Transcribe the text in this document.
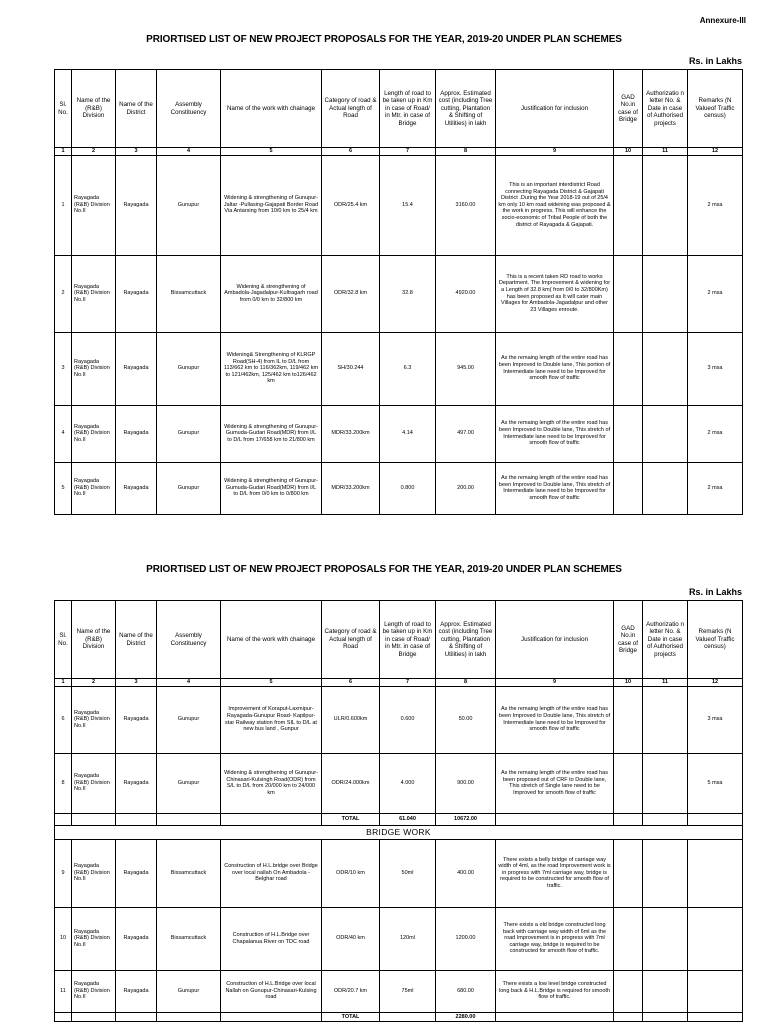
Annexure-III
PRIORTISED LIST OF NEW PROJECT PROPOSALS FOR THE YEAR, 2019-20 UNDER PLAN SCHEMES
Rs. in Lakhs
Sl. No.	Name of the (R&B) Division	Name of the District	Assembly Constituency	Name of the work with chainage	Category of road & Actual length of Road	Length of road to be taken up in Km in case of Road/ in Mtr. in case of Bridge	Approx. Estimated cost (including Tree cutting, Plantation & Shifting of Utilities) in lakh	Justification for inclusion	GAD No.in case of Bridge	Authorizatio n letter No. & Date in case of Authorised projects	Remarks (N Valueof Traffic census)
1	2	3	4	5	6	7	8	9	10	11	12
1	Rayagada (R&B) Division No.II	Rayagada	Gunupur	Widening & strengthening of Gunupur-Jaltar -Pullasing-Gajapati Border Road Via Antarsing from 10/0 km to 25/4 km	ODR/25.4 km	15.4	3160.00	This is an important interdistrict Road connecting Rayagada District & Gajapati District .During the Year 2018-19 out of 25/4 km only 10 km road widening was proposed & the work in progress. This will enhance the socio-economic of Tribal People of both the district of Rayagada & Gajapati.			2 msa
2	Rayagada (R&B) Division No.II	Rayagada	Bissamcuttack	Widening & strengthening of Ambadola-Jagadalpur-Kultragarh road from 0/0 km to 32/800 km	ODR/32.8 km	32.8	4920.00	This is a recent taken RD road to works Department. The Improvement & widening for a Length of 32.8 km( from 0/0 to 32/800Km) has been proposed as It will cater main Villages for Ambadola-Jagadalpur and other 23 Villages enroute.			2 msa
3	Rayagada (R&B) Division No.II	Rayagada	Gunupur	Widening& Strengthening of KLRGP Road(SH-4) from IL to D/L from 113/662 km to 116/362km, 119/462 km to 121/462km, 125/462 km to126/462 km	SH/30.244	6.3	945.00	As the remaing length of the entire road has been Improved to Double lane, This portion of Intermediate lane need to be Improved for smooth flow of traffic			3 msa
4	Rayagada (R&B) Division No.II	Rayagada	Gunupur	Widening & strengthening of Gunupur-Gumuda-Gudari Road(MDR) from I/L to D/L from 17/658 km to 21/800 km	MDR/33.200km	4.14	497.00	As the remaing length of the entire road has been Improved to Double lane, This stretch of Intermediate lane need to be Improved for smooth flow of traffic			2 msa
5	Rayagada (R&B) Division No.II	Rayagada	Gunupur	Widening & strengthening of Gunupur-Gumuda-Gudari Road(MDR) from I/L to D/L from 0/0 km to 0/800 km	MDR/33.200km	0.800	200.00	As the remaing length of the entire road has been Improved to Double lane, This stretch of Intermediate lane need to be Improved for smooth flow of traffic			2 msa
PRIORTISED LIST OF NEW PROJECT PROPOSALS FOR THE YEAR, 2019-20 UNDER PLAN SCHEMES
Rs. in Lakhs
Sl. No.	Name of the (R&B) Division	Name of the District	Assembly Constituency	Name of the work with chainage	Category of road & Actual length of Road	Length of road to be taken up in Km in case of Road/ in Mtr. in case of Bridge	Approx. Estimated cost (including Tree cutting, Plantation & Shifting of Utilities) in lakh	Justification for inclusion	GAD No.in case of Bridge	Authorizatio n letter No. & Date in case of Authorised projects	Remarks (N Valueof Traffic census)
1	2	3	4	5	6	7	8	9	10	11	12
6	Rayagada (R&B) Division No.II	Rayagada	Gunupur	Improvement of Koraput-Laxmipur-Rayagada-Gunupur Road- Kapilpur-star Railway station from SIL to D/L at new bus land , Gunpur	ULR/0.600km	0.600	50.00	As the remaing length of the entire road has been Improved to Double lane, This stretch of Intermediate lane need to be Improved for smooth flow of traffic			3 msa
8	Rayagada (R&B) Division No.II	Rayagada	Gunupur	Widening & strengthening of Gunupur-Chinasari-Kulsingh Road(ODR) from S/L to D/L from 20/000 km to 24/000 km	ODR/24.000km	4.000	900.00	As the remaing length of the entire road has been proposed out of CRF to Double lane, This stretch of Single lane need to be Improved for smooth flow of traffic			5 msa
					TOTAL	61.040	10672.00				
BRIDGE WORK											
9	Rayagada (R&B) Division No.II	Rayagada	Bissamcuttack	Construction of H.L.bridge over Bridge over local nallah On Ambadola - Belghar road	ODR/10 km	50ml	400.00	There exists a belly bridge of carriage way width of 4ml, as the road Improvement work is in progress with 7ml carriage way, bridge is required to be constructed for smooth flow of traffic.			
10	Rayagada (R&B) Division No.II	Rayagada	Bissamcuttack	Construction of H.L.Bridge over Chapalanua River on TDC road	ODR/40 km	120ml	1200.00	There exists a old bridge constructed long back with carriage way width of 6ml as the road Improvement is in progress with 7ml carriage way, bridge is required to be constructed for smooth flow of traffic.			
11	Rayagada (R&B) Division No.II	Rayagada	Gunupur	Construction of H.L.Bridge over local Nallah on Gunupur-Chinasari-Kulsing road	ODR/20.7 km	75ml	680.00	There exists a low level bridge constructed long back & H.L.Bridge is required for smooth flow of traffic.			
					TOTAL		2280.00				
